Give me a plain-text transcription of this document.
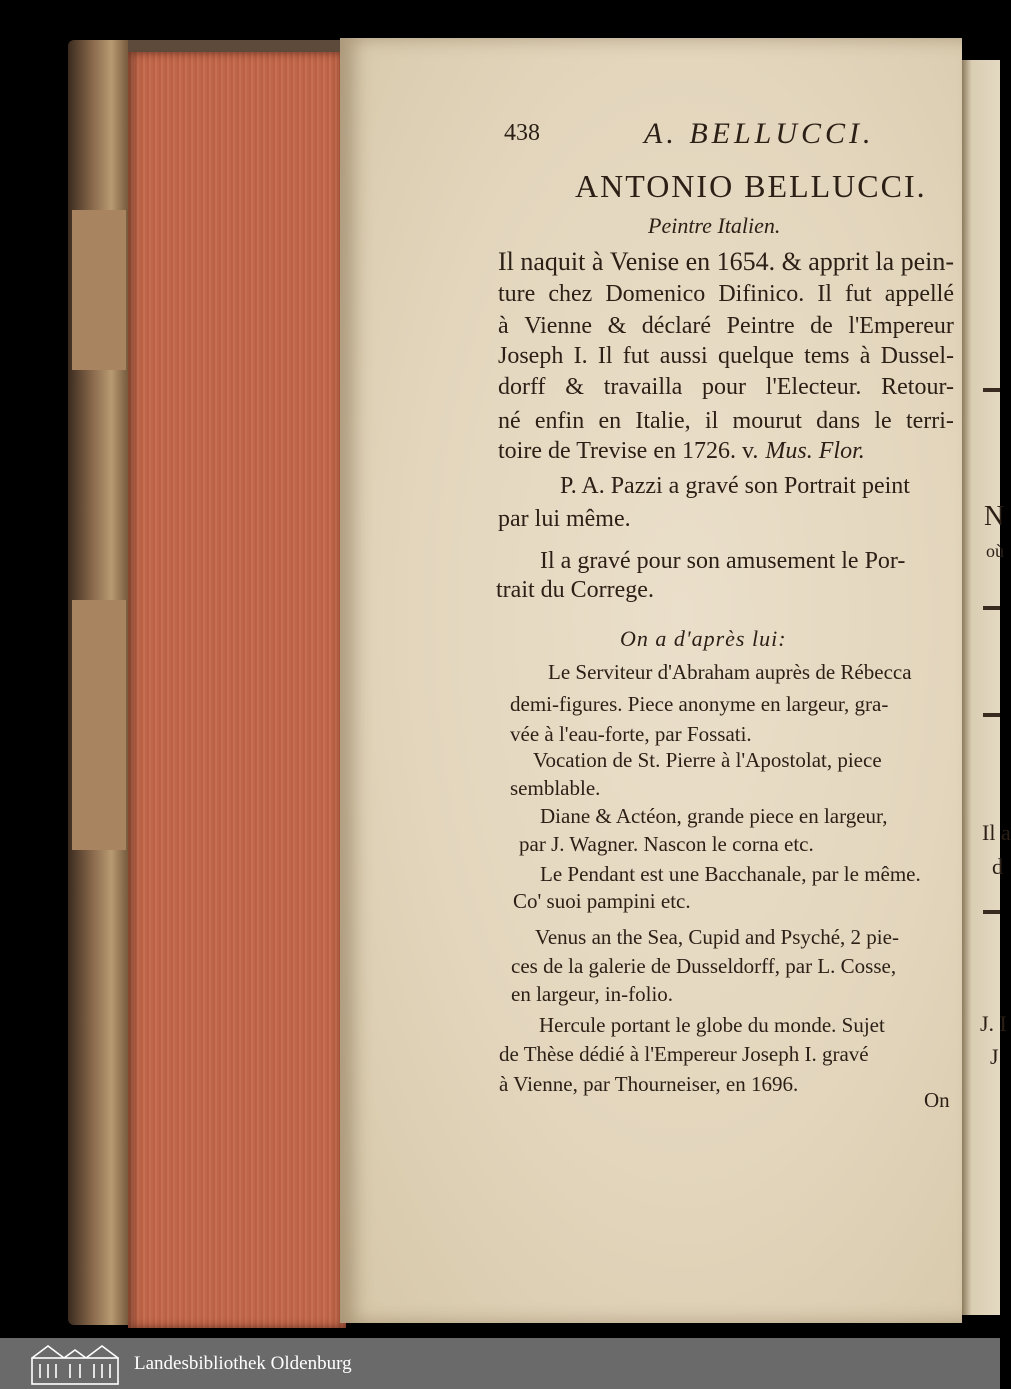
N
où
Il a
d
J. I
J
438	A. BELLUCCI.
ANTONIO BELLUCCI.
Peintre Italien.
Il naquit à Venise en 1654. & apprit la pein-
ture chez Domenico Difinico. Il fut appellé
à Vienne & déclaré Peintre de l'Empereur
Joseph I. Il fut aussi quelque tems à Dussel-
dorff & travailla pour l'Electeur. Retour-
né enfin en Italie, il mourut dans le terri-
toire de Trevise en 1726. v. Mus. Flor.
P. A. Pazzi a gravé son Portrait peint
par lui même.
Il a gravé pour son amusement le Por-
trait du Correge.
On a d'après lui:
Le Serviteur d'Abraham auprès de Rébecca
demi-figures. Piece anonyme en largeur, gra-
vée à l'eau-forte, par Fossati.
Vocation de St. Pierre à l'Apostolat, piece
semblable.
Diane & Actéon, grande piece en largeur,
par J. Wagner. Nascon le corna etc.
Le Pendant est une Bacchanale, par le même.
Co' suoi pampini etc.
Venus an the Sea, Cupid and Psyché, 2 pie-
ces de la galerie de Dusseldorff, par L. Cosse,
en largeur, in-folio.
Hercule portant le globe du monde. Sujet
de Thèse dédié à l'Empereur Joseph I. gravé
à Vienne, par Thourneiser, en 1696.
On
Landesbibliothek Oldenburg
